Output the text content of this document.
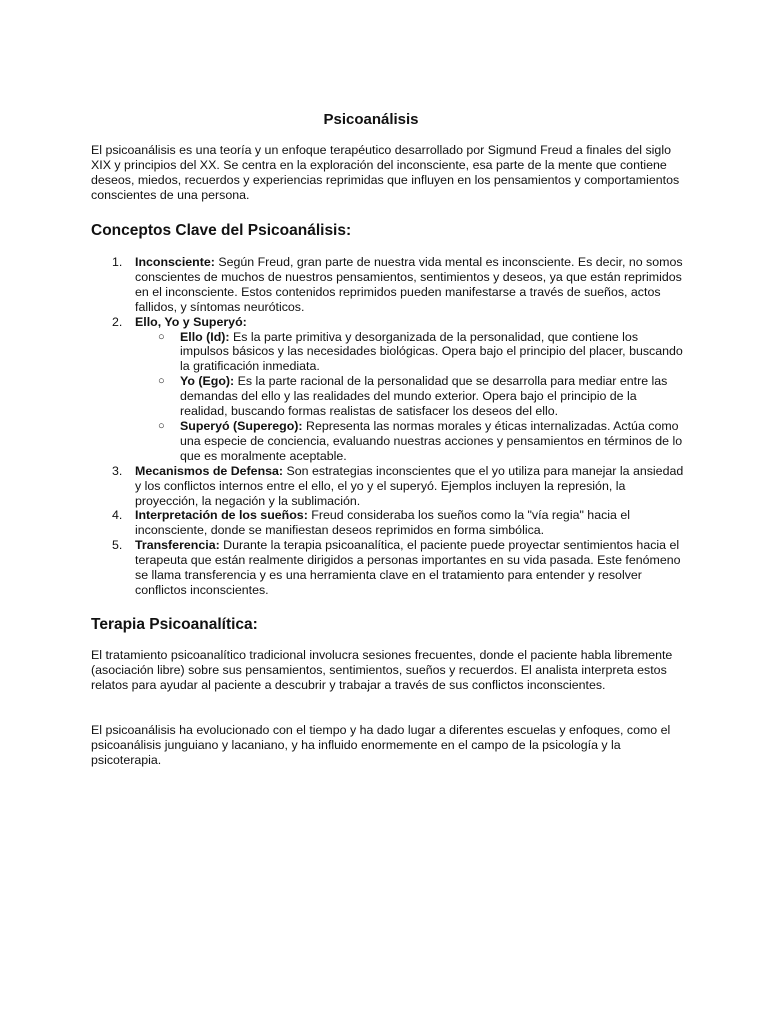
Psicoanálisis

El psicoanálisis es una teoría y un enfoque terapéutico desarrollado por Sigmund Freud a finales del siglo XIX y principios del XX. Se centra en la exploración del inconsciente, esa parte de la mente que contiene deseos, miedos, recuerdos y experiencias reprimidas que influyen en los pensamientos y comportamientos conscientes de una persona.

Conceptos Clave del Psicoanálisis:
1. Inconsciente: Según Freud, gran parte de nuestra vida mental es inconsciente. Es decir, no somos conscientes de muchos de nuestros pensamientos, sentimientos y deseos, ya que están reprimidos en el inconsciente. Estos contenidos reprimidos pueden manifestarse a través de sueños, actos fallidos, y síntomas neuróticos.
2. Ello, Yo y Superyó:
○ Ello (Id): Es la parte primitiva y desorganizada de la personalidad, que contiene los impulsos básicos y las necesidades biológicas. Opera bajo el principio del placer, buscando la gratificación inmediata.
○ Yo (Ego): Es la parte racional de la personalidad que se desarrolla para mediar entre las demandas del ello y las realidades del mundo exterior. Opera bajo el principio de la realidad, buscando formas realistas de satisfacer los deseos del ello.
○ Superyó (Superego): Representa las normas morales y éticas internalizadas. Actúa como una especie de conciencia, evaluando nuestras acciones y pensamientos en términos de lo que es moralmente aceptable.
3. Mecanismos de Defensa: Son estrategias inconscientes que el yo utiliza para manejar la ansiedad y los conflictos internos entre el ello, el yo y el superyó. Ejemplos incluyen la represión, la proyección, la negación y la sublimación.
4. Interpretación de los sueños: Freud consideraba los sueños como la "vía regia" hacia el inconsciente, donde se manifiestan deseos reprimidos en forma simbólica.
5. Transferencia: Durante la terapia psicoanalítica, el paciente puede proyectar sentimientos hacia el terapeuta que están realmente dirigidos a personas importantes en su vida pasada. Este fenómeno se llama transferencia y es una herramienta clave en el tratamiento para entender y resolver conflictos inconscientes.
Terapia Psicoanalítica:

El tratamiento psicoanalítico tradicional involucra sesiones frecuentes, donde el paciente habla libremente (asociación libre) sobre sus pensamientos, sentimientos, sueños y recuerdos. El analista interpreta estos relatos para ayudar al paciente a descubrir y trabajar a través de sus conflictos inconscientes.

El psicoanálisis ha evolucionado con el tiempo y ha dado lugar a diferentes escuelas y enfoques, como el psicoanálisis junguiano y lacaniano, y ha influido enormemente en el campo de la psicología y la psicoterapia.
